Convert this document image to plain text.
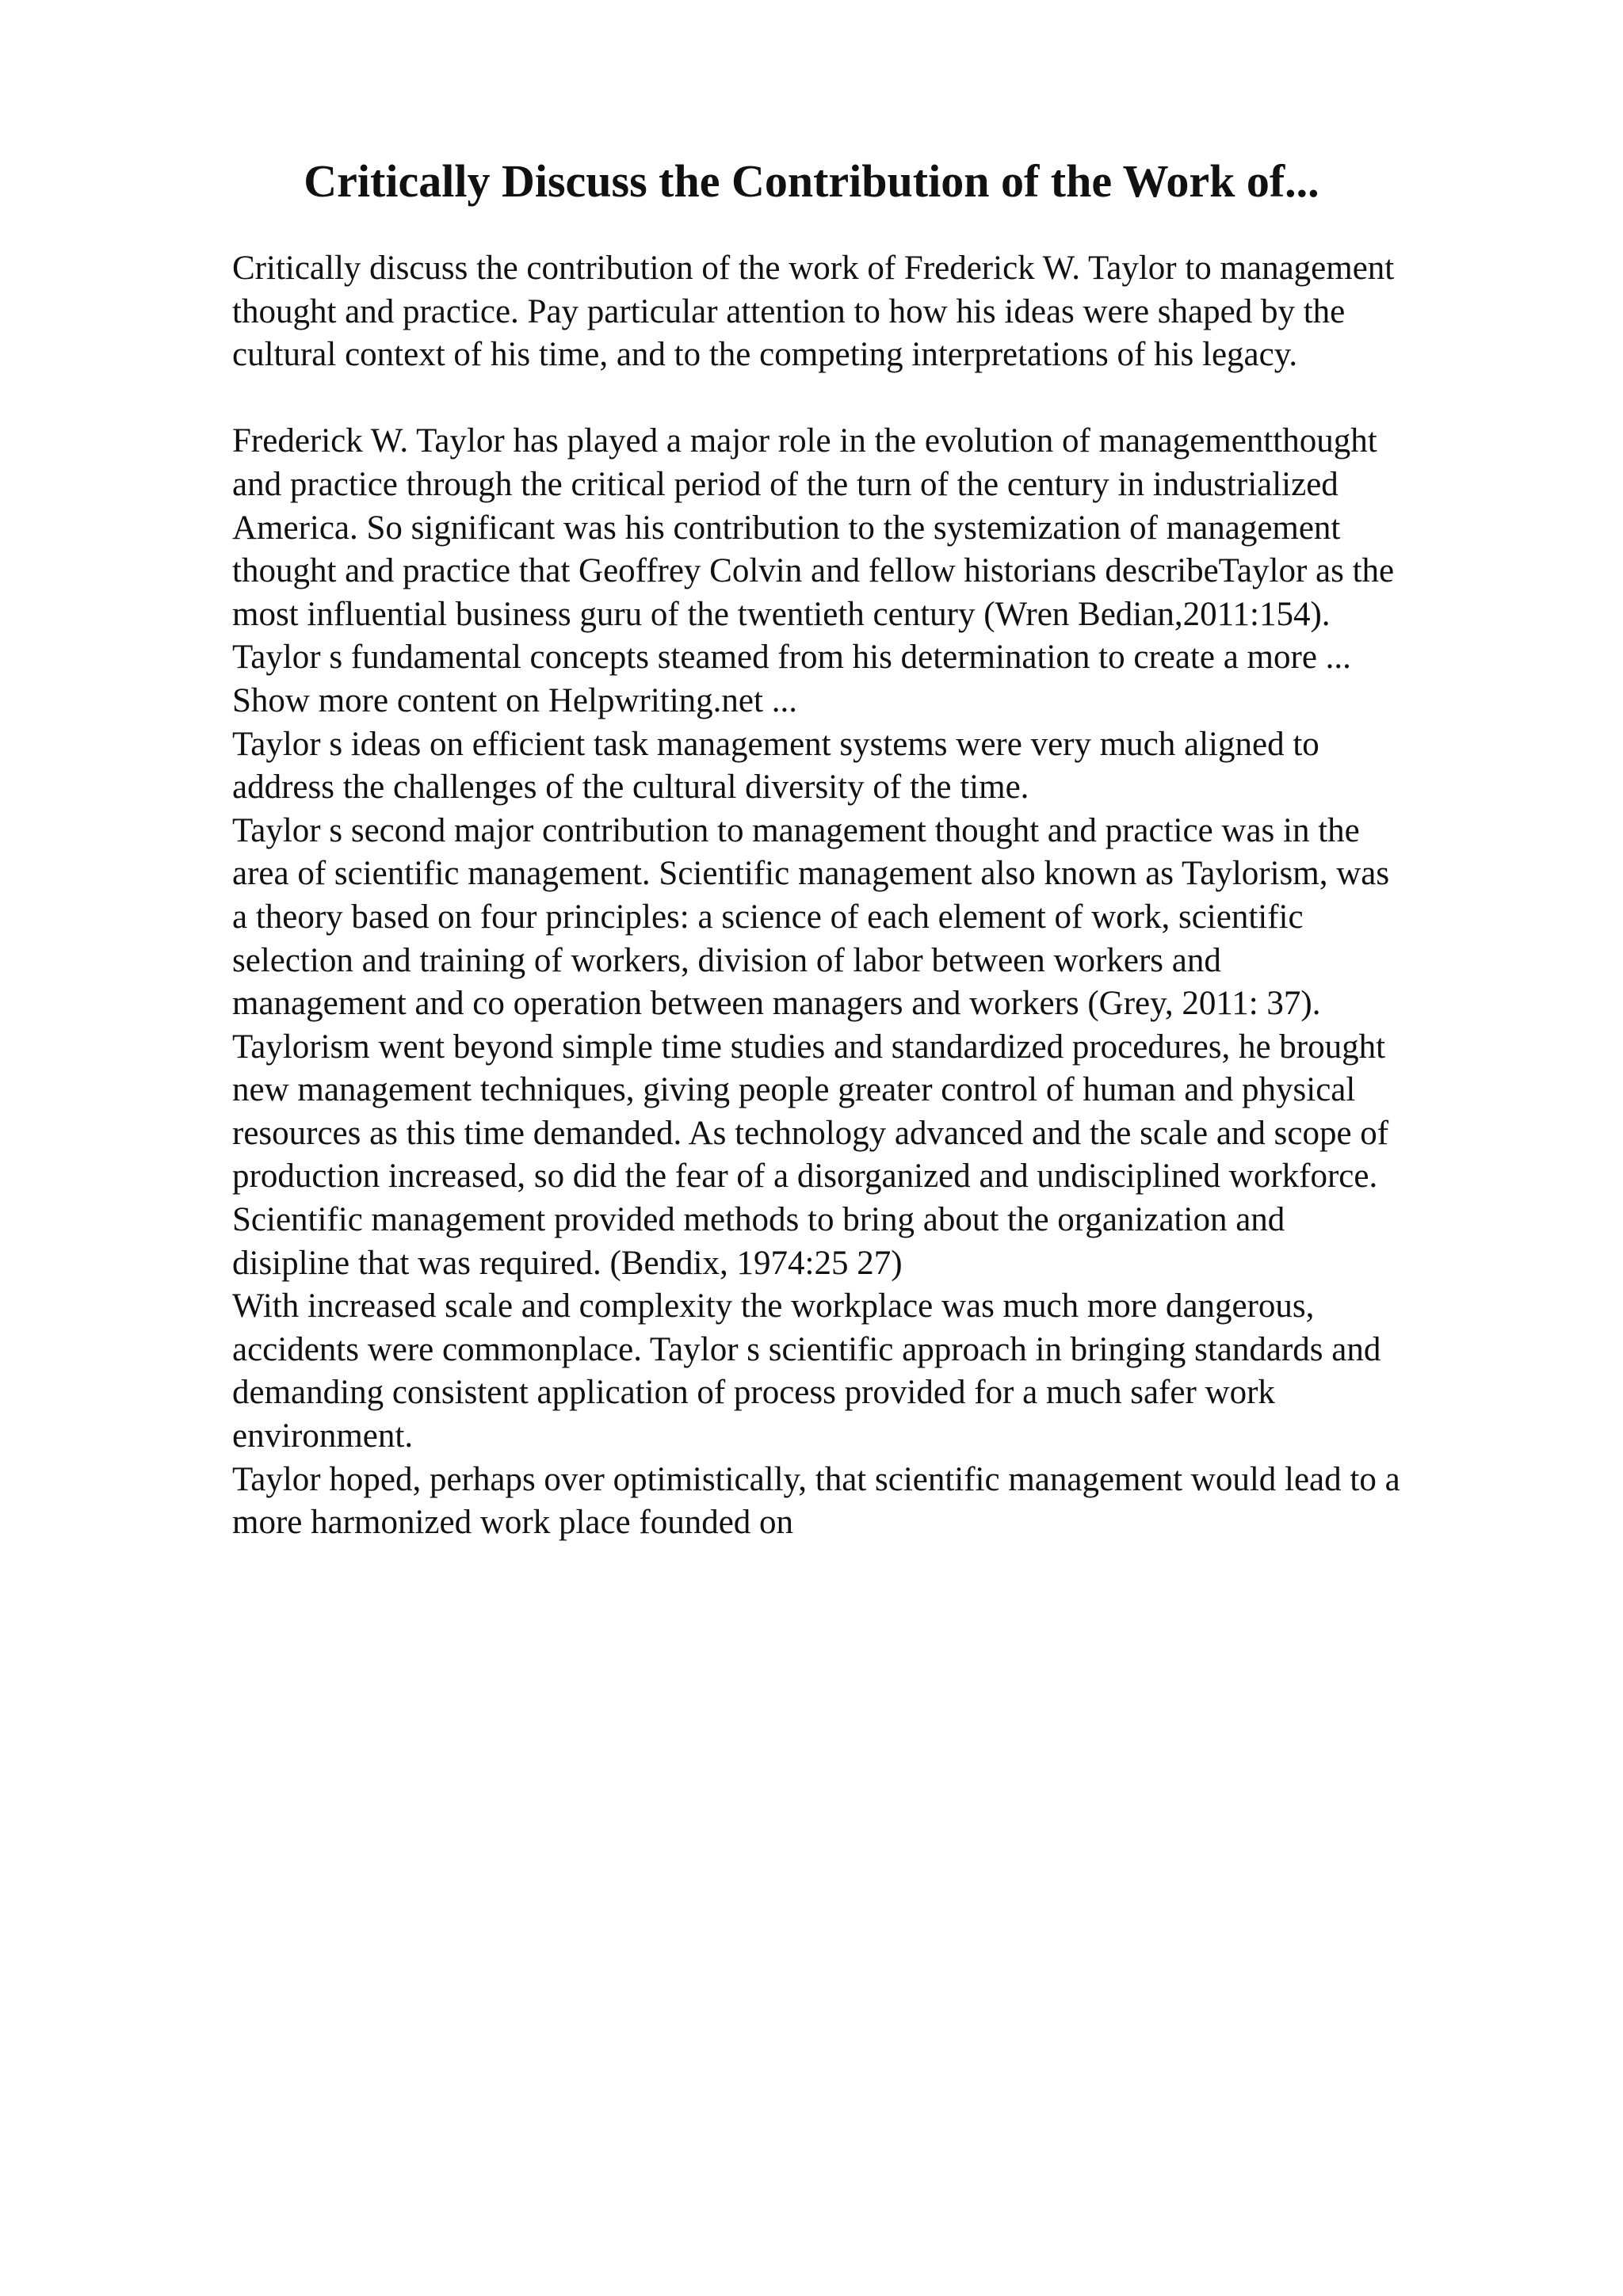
Critically Discuss the Contribution of the Work of...
Critically discuss the contribution of the work of Frederick W. Taylor to management
thought and practice. Pay particular attention to how his ideas were shaped by the
cultural context of his time, and to the competing interpretations of his legacy.
Frederick W. Taylor has played a major role in the evolution of managementthought
and practice through the critical period of the turn of the century in industrialized
America. So significant was his contribution to the systemization of management
thought and practice that Geoffrey Colvin and fellow historians describeTaylor as the
most influential business guru of the twentieth century (Wren Bedian,2011:154).
Taylor s fundamental concepts steamed from his determination to create a more ...
Show more content on Helpwriting.net ...
Taylor s ideas on efficient task management systems were very much aligned to
address the challenges of the cultural diversity of the time.
Taylor s second major contribution to management thought and practice was in the
area of scientific management. Scientific management also known as Taylorism, was
a theory based on four principles: a science of each element of work, scientific
selection and training of workers, division of labor between workers and
management and co operation between managers and workers (Grey, 2011: 37).
Taylorism went beyond simple time studies and standardized procedures, he brought
new management techniques, giving people greater control of human and physical
resources as this time demanded. As technology advanced and the scale and scope of
production increased, so did the fear of a disorganized and undisciplined workforce.
Scientific management provided methods to bring about the organization and
disipline that was required. (Bendix, 1974:25 27)
With increased scale and complexity the workplace was much more dangerous,
accidents were commonplace. Taylor s scientific approach in bringing standards and
demanding consistent application of process provided for a much safer work
environment.
Taylor hoped, perhaps over optimistically, that scientific management would lead to a
more harmonized work place founded on
